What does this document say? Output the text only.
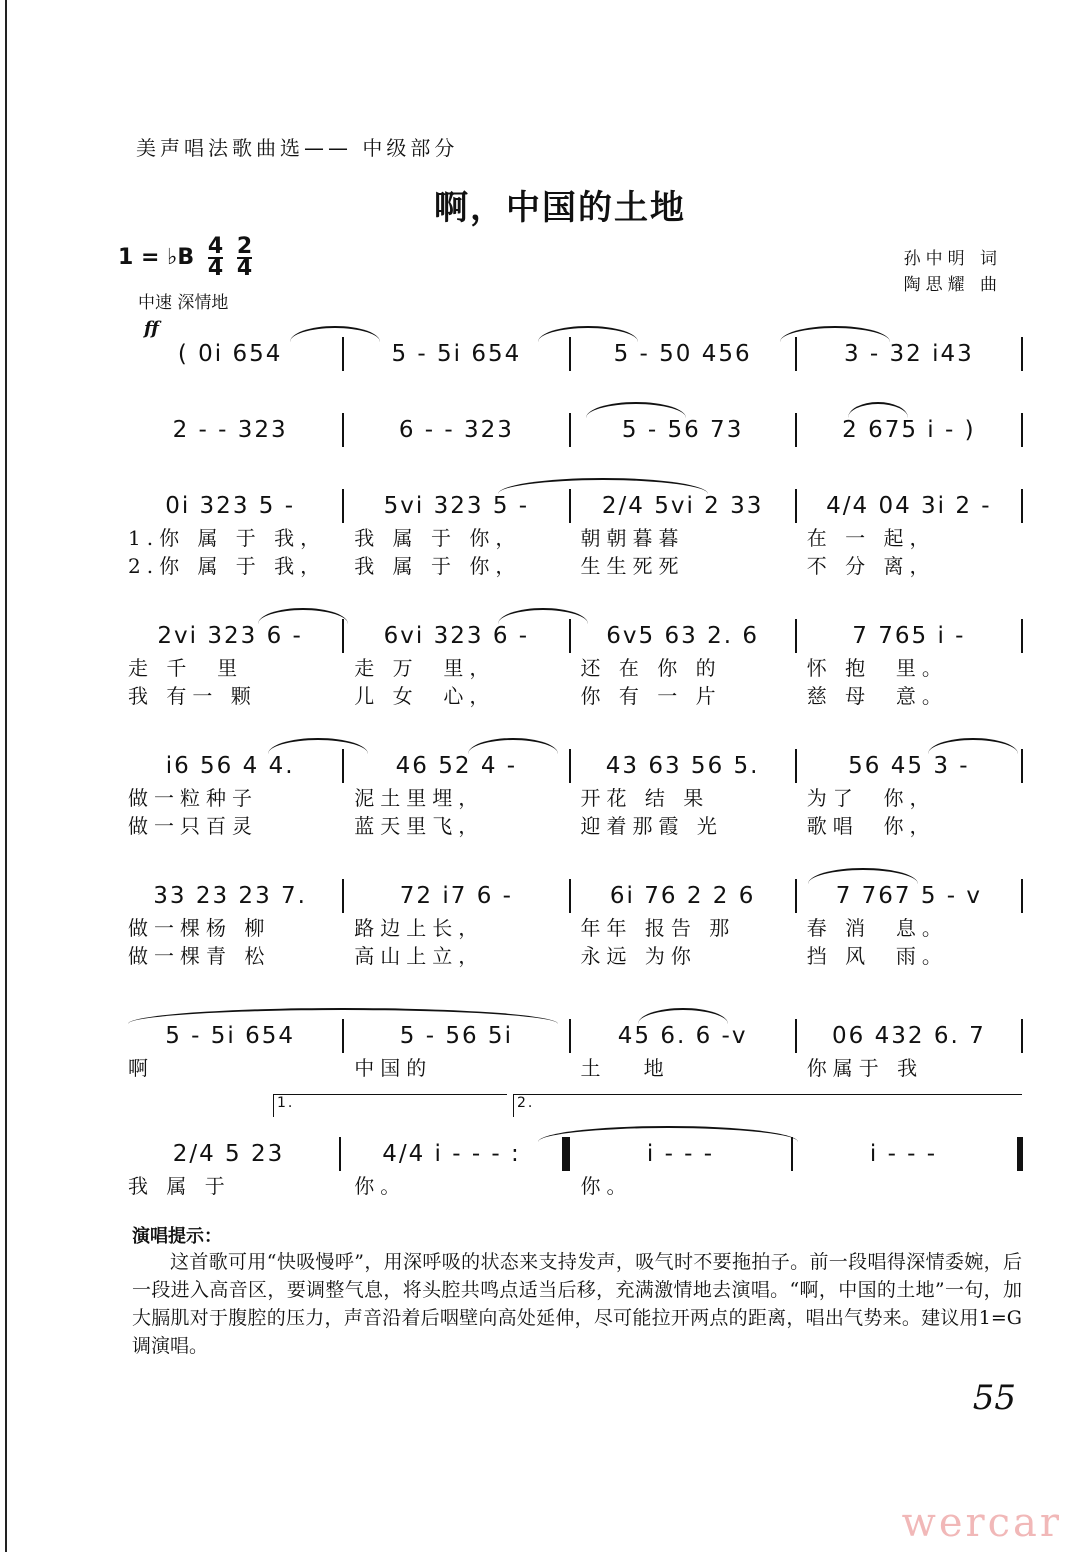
美声唱法歌曲选—— 中级部分
啊，中国的土地
1 = ♭B $\frac{4}{4} \frac{2}{4}$	孙中明 词
陶思耀 曲
中速 深情地
ff
( 0i 654	5 - 5i 654	5 - 50 456	3 - 32 i43
2 - - 323	6 - - 323	5 - 56 73	2 675 i - )
0i 323 5 -	5ⅴi 323 5 -	2/4 5ⅴi 2 33	4/4 04 3i 2 -
1.你 属 于 我，	我 属 于 你，	朝朝暮暮	在 一 起，
2.你 属 于 我，	我 属 于 你，	生生死死	不 分 离，
2ⅴi 323 6 -	6ⅴi 323 6 -	6ⅴ5 63 2. 6	7 765 i -
走 千  里	走 万  里，	还 在 你 的	怀 抱  里。
我 有一 颗	儿 女  心，	你 有 一 片	慈 母  意。
i6 56 4 4.	46 52 4 -	43 63 56 5.	56 45 3 -
做一粒种子	泥土里埋，	开花 结 果	为了  你，
做一只百灵	蓝天里飞，	迎着那霞 光	歌唱  你，
33 23 23 7.	72 i7 6 -	6i 76 2 2 6	7 767 5 - ⅴ
做一棵杨 柳	路边上长，	年年 报告 那	春 消  息。
做一棵青 松	高山上立，	永远 为你	挡 风  雨。
5 - 5i 654	5 - 56 5i	45 6. 6 -ⅴ	06 432 6. 7
啊	中国的	土   地	你属于 我
1.	2.
2/4 5 23	4/4 i - - - :	i - - -	i - - -
我 属 于	你。	你。
演唱提示：
这首歌可用“快吸慢呼”，用深呼吸的状态来支持发声，吸气时不要拖拍子。前一段唱得深情委婉，后一段进入高音区，要调整气息，将头腔共鸣点适当后移，充满激情地去演唱。“啊，中国的土地”一句，加大膈肌对于腹腔的压力，声音沿着后咽壁向高处延伸，尽可能拉开两点的距离，唱出气势来。建议用1=G调演唱。
55
wercar
